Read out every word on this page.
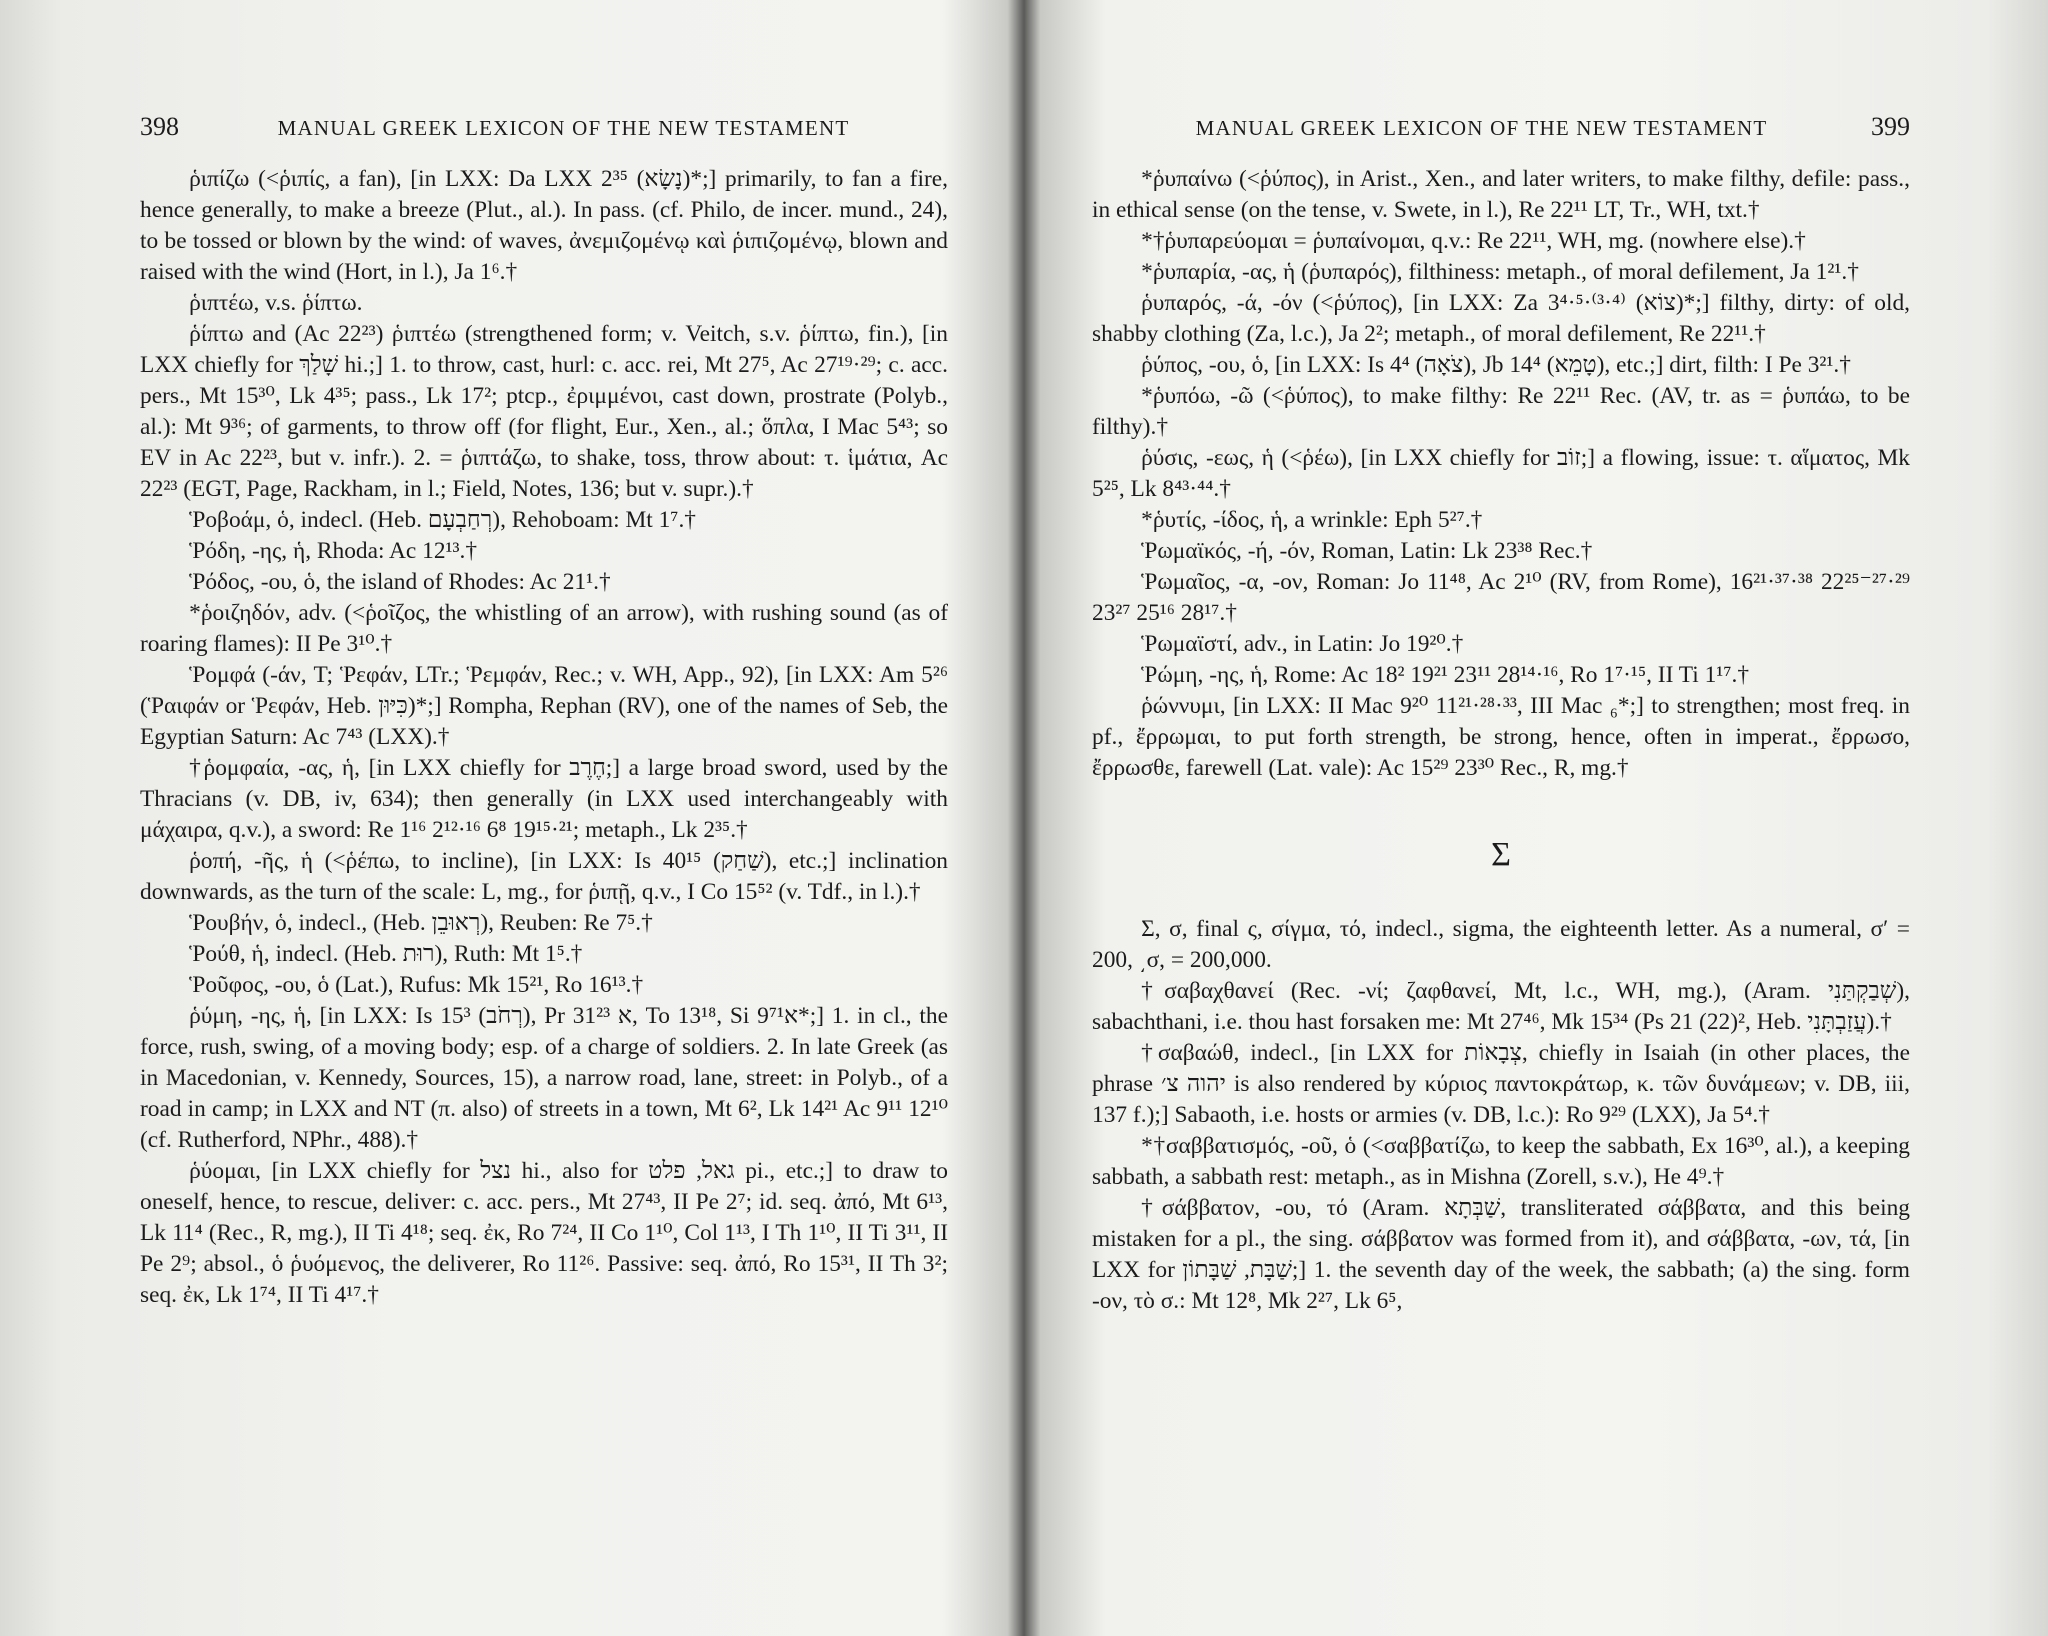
398	MANUAL GREEK LEXICON OF THE NEW TESTAMENT

ῥιπίζω (<ῥιπίς, a fan), [in LXX: Da LXX 2³⁵ (נָשָׂא)*;] primarily, to fan a fire, hence generally, to make a breeze (Plut., al.). In pass. (cf. Philo, de incer. mund., 24), to be tossed or blown by the wind: of waves, ἀνεμιζομένῳ καὶ ῥιπιζομένῳ, blown and raised with the wind (Hort, in l.), Ja 1⁶.†

ῥιπτέω, v.s. ῥίπτω.

ῥίπτω and (Ac 22²³) ῥιπτέω (strengthened form; v. Veitch, s.v. ῥίπτω, fin.), [in LXX chiefly for שָׁלַךְ hi.;] 1. to throw, cast, hurl: c. acc. rei, Mt 27⁵, Ac 27¹⁹·²⁹; c. acc. pers., Mt 15³⁰, Lk 4³⁵; pass., Lk 17²; ptcp., ἐριμμένοι, cast down, prostrate (Polyb., al.): Mt 9³⁶; of garments, to throw off (for flight, Eur., Xen., al.; ὅπλα, I Mac 5⁴³; so EV in Ac 22²³, but v. infr.). 2. = ῥιπτάζω, to shake, toss, throw about: τ. ἱμάτια, Ac 22²³ (EGT, Page, Rackham, in l.; Field, Notes, 136; but v. supr.).†

Ῥοβοάμ, ὁ, indecl. (Heb. רְחַבְעָם), Rehoboam: Mt 1⁷.†

Ῥόδη, -ης, ἡ, Rhoda: Ac 12¹³.†

Ῥόδος, -ου, ὁ, the island of Rhodes: Ac 21¹.†

*ῥοιζηδόν, adv. (<ῥοῖζος, the whistling of an arrow), with rushing sound (as of roaring flames): II Pe 3¹⁰.†

Ῥομφά (-άν, T; Ῥεφάν, LTr.; Ῥεμφάν, Rec.; v. WH, App., 92), [in LXX: Am 5²⁶ (Ῥαιφάν or Ῥεφάν, Heb. כִּיּוּן)*;] Rompha, Rephan (RV), one of the names of Seb, the Egyptian Saturn: Ac 7⁴³ (LXX).†

†ῥομφαία, -ας, ἡ, [in LXX chiefly for חֶרֶב;] a large broad sword, used by the Thracians (v. DB, iv, 634); then generally (in LXX used interchangeably with μάχαιρα, q.v.), a sword: Re 1¹⁶ 2¹²·¹⁶ 6⁸ 19¹⁵·²¹; metaph., Lk 2³⁵.†

ῥοπή, -ῆς, ἡ (<ῥέπω, to incline), [in LXX: Is 40¹⁵ (שַׁחַק), etc.;] inclination downwards, as the turn of the scale: L, mg., for ῥιπῇ, q.v., I Co 15⁵² (v. Tdf., in l.).†

Ῥουβήν, ὁ, indecl., (Heb. רְאוּבֵן), Reuben: Re 7⁵.†

Ῥούθ, ἡ, indecl. (Heb. רוּת), Ruth: Mt 1⁵.†

Ῥοῦφος, -ου, ὁ (Lat.), Rufus: Mk 15²¹, Ro 16¹³.†

ῥύμη, -ης, ἡ, [in LXX: Is 15³ (רְחֹב), Pr 31²³ א, To 13¹⁸, Si 9⁷א¹*;] 1. in cl., the force, rush, swing, of a moving body; esp. of a charge of soldiers. 2. In late Greek (as in Macedonian, v. Kennedy, Sources, 15), a narrow road, lane, street: in Polyb., of a road in camp; in LXX and NT (π. also) of streets in a town, Mt 6², Lk 14²¹ Ac 9¹¹ 12¹⁰ (cf. Rutherford, NPhr., 488).†

ῥύομαι, [in LXX chiefly for נצל hi., also for גאל, פלט pi., etc.;] to draw to oneself, hence, to rescue, deliver: c. acc. pers., Mt 27⁴³, II Pe 2⁷; id. seq. ἀπό, Mt 6¹³, Lk 11⁴ (Rec., R, mg.), II Ti 4¹⁸; seq. ἐκ, Ro 7²⁴, II Co 1¹⁰, Col 1¹³, I Th 1¹⁰, II Ti 3¹¹, II Pe 2⁹; absol., ὁ ῥυόμενος, the deliverer, Ro 11²⁶. Passive: seq. ἀπό, Ro 15³¹, II Th 3²; seq. ἐκ, Lk 1⁷⁴, II Ti 4¹⁷.†

MANUAL GREEK LEXICON OF THE NEW TESTAMENT	399

*ῥυπαίνω (<ῥύπος), in Arist., Xen., and later writers, to make filthy, defile: pass., in ethical sense (on the tense, v. Swete, in l.), Re 22¹¹ LT, Tr., WH, txt.†

*†ῥυπαρεύομαι = ῥυπαίνομαι, q.v.: Re 22¹¹, WH, mg. (nowhere else).†

*ῥυπαρία, -ας, ἡ (ῥυπαρός), filthiness: metaph., of moral defilement, Ja 1²¹.†

ῥυπαρός, -ά, -όν (<ῥύπος), [in LXX: Za 3⁴·⁵·⁽³·⁴⁾ (צוֹא)*;] filthy, dirty: of old, shabby clothing (Za, l.c.), Ja 2²; metaph., of moral defilement, Re 22¹¹.†

ῥύπος, -ου, ὁ, [in LXX: Is 4⁴ (צֹאָה), Jb 14⁴ (טָמֵא), etc.;] dirt, filth: I Pe 3²¹.†

*ῥυπόω, -ῶ (<ῥύπος), to make filthy: Re 22¹¹ Rec. (AV, tr. as = ῥυπάω, to be filthy).†

ῥύσις, -εως, ἡ (<ῥέω), [in LXX chiefly for זוֹב;] a flowing, issue: τ. αἵματος, Mk 5²⁵, Lk 8⁴³·⁴⁴.†

*ῥυτίς, -ίδος, ἡ, a wrinkle: Eph 5²⁷.†

Ῥωμαϊκός, -ή, -όν, Roman, Latin: Lk 23³⁸ Rec.†

Ῥωμαῖος, -α, -ον, Roman: Jo 11⁴⁸, Ac 2¹⁰ (RV, from Rome), 16²¹·³⁷·³⁸ 22²⁵⁻²⁷·²⁹ 23²⁷ 25¹⁶ 28¹⁷.†

Ῥωμαϊστί, adv., in Latin: Jo 19²⁰.†

Ῥώμη, -ης, ἡ, Rome: Ac 18² 19²¹ 23¹¹ 28¹⁴·¹⁶, Ro 1⁷·¹⁵, II Ti 1¹⁷.†

ῥώννυμι, [in LXX: II Mac 9²⁰ 11²¹·²⁸·³³, III Mac ₆*;] to strengthen; most freq. in pf., ἔρρωμαι, to put forth strength, be strong, hence, often in imperat., ἔρρωσο, ἔρρωσθε, farewell (Lat. vale): Ac 15²⁹ 23³⁰ Rec., R, mg.†

Σ

Σ, σ, final ς, σίγμα, τό, indecl., sigma, the eighteenth letter. As a numeral, σʹ = 200, ͵σ, = 200,000.

†σαβαχθανεί (Rec. -νί; ζαφθανεί, Mt, l.c., WH, mg.), (Aram. שְׁבַקְתַּנִי), sabachthani, i.e. thou hast forsaken me: Mt 27⁴⁶, Mk 15³⁴ (Ps 21 (22)², Heb. עֲזַבְתָּנִי).†

†σαβαώθ, indecl., [in LXX for צְבָאוֹת, chiefly in Isaiah (in other places, the phrase יהוה צ׳ is also rendered by κύριος παντοκράτωρ, κ. τῶν δυνάμεων; v. DB, iii, 137 f.);] Sabaoth, i.e. hosts or armies (v. DB, l.c.): Ro 9²⁹ (LXX), Ja 5⁴.†

*†σαββατισμός, -οῦ, ὁ (<σαββατίζω, to keep the sabbath, Ex 16³⁰, al.), a keeping sabbath, a sabbath rest: metaph., as in Mishna (Zorell, s.v.), He 4⁹.†

†σάββατον, -ου, τό (Aram. שַׁבְּתָא, transliterated σάββατα, and this being mistaken for a pl., the sing. σάββατον was formed from it), and σάββατα, -ων, τά, [in LXX for שַׁבָּת, שַׁבָּתוֹן;] 1. the seventh day of the week, the sabbath; (a) the sing. form -ον, τὸ σ.: Mt 12⁸, Mk 2²⁷, Lk 6⁵,
